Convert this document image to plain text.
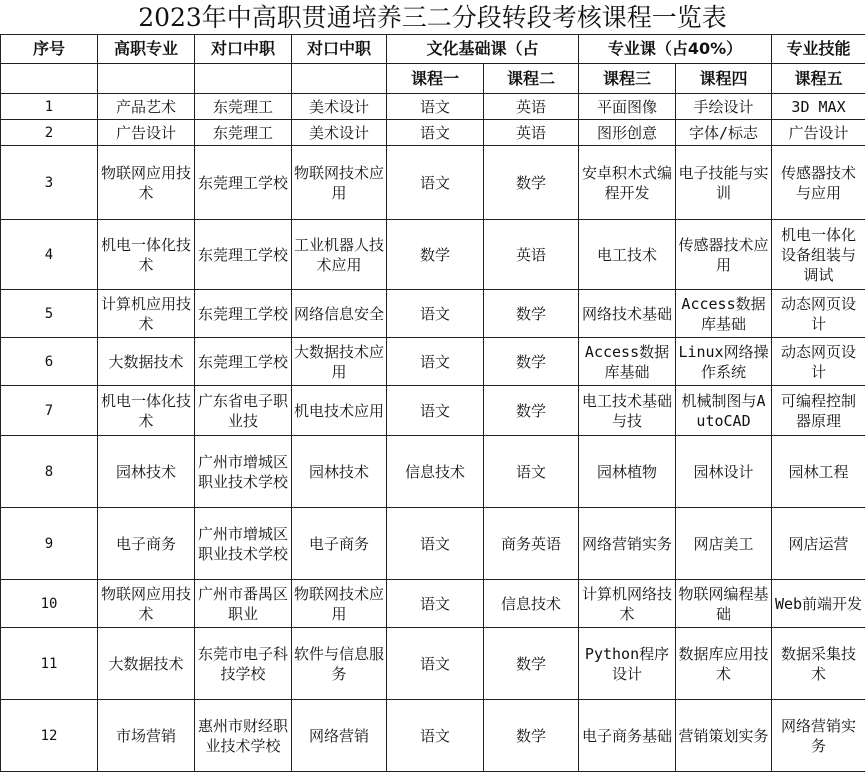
2023年中高职贯通培养三二分段转段考核课程一览表
序号	高职专业	对口中职	对口中职	文化基础课（占		专业课（占40%）		专业技能
				课程一	课程二	课程三	课程四	课程五
1	产品艺术	东莞理工	美术设计	语文	英语	平面图像	手绘设计	3D MAX
2	广告设计	东莞理工	美术设计	语文	英语	图形创意	字体/标志	广告设计
3	物联网应用技术	东莞理工学校	物联网技术应用	语文	数学	安卓积木式编程开发	电子技能与实训	传感器技术与应用
4	机电一体化技术	东莞理工学校	工业机器人技术应用	数学	英语	电工技术	传感器技术应用	机电一体化设备组装与调试
5	计算机应用技术	东莞理工学校	网络信息安全	语文	数学	网络技术基础	Access数据库基础	动态网页设计
6	大数据技术	东莞理工学校	大数据技术应用	语文	数学	Access数据库基础	Linux网络操作系统	动态网页设计
7	机电一体化技术	广东省电子职业技	机电技术应用	语文	数学	电工技术基础与技	机械制图与AutoCAD	可编程控制器原理
8	园林技术	广州市增城区职业技术学校	园林技术	信息技术	语文	园林植物	园林设计	园林工程
9	电子商务	广州市增城区职业技术学校	电子商务	语文	商务英语	网络营销实务	网店美工	网店运营
10	物联网应用技术	广州市番禺区职业	物联网技术应用	语文	信息技术	计算机网络技术	物联网编程基础	Web前端开发
11	大数据技术	东莞市电子科技学校	软件与信息服务	语文	数学	Python程序设计	数据库应用技术	数据采集技术
12	市场营销	惠州市财经职业技术学校	网络营销	语文	数学	电子商务基础	营销策划实务	网络营销实务
